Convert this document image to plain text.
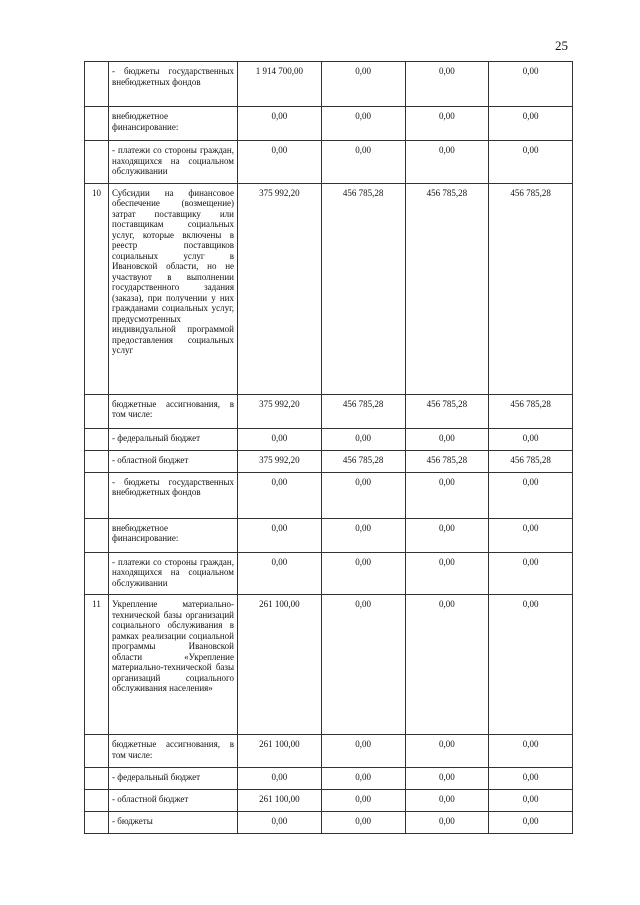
25
	- бюджеты государственных внебюджетных фондов	1 914 700,00	0,00	0,00	0,00
	внебюджетное финансирование:	0,00	0,00	0,00	0,00
	- платежи со стороны граждан, находящихся на социальном обслуживании	0,00	0,00	0,00	0,00
10	Субсидии на финансовое обеспечение (возмещение) затрат поставщику или поставщикам социальных услуг, которые включены в реестр поставщиков социальных услуг в Ивановской области, но не участвуют в выполнении государственного задания (заказа), при получении у них гражданами социальных услуг, предусмотренных индивидуальной программой предоставления социальных услуг	375 992,20	456 785,28	456 785,28	456 785,28
	бюджетные ассигнования, в том числе:	375 992,20	456 785,28	456 785,28	456 785,28
	- федеральный бюджет	0,00	0,00	0,00	0,00
	- областной бюджет	375 992,20	456 785,28	456 785,28	456 785,28
	- бюджеты государственных внебюджетных фондов	0,00	0,00	0,00	0,00
	внебюджетное финансирование:	0,00	0,00	0,00	0,00
	- платежи со стороны граждан, находящихся на социальном обслуживании	0,00	0,00	0,00	0,00
11	Укрепление материально-технической базы организаций социального обслуживания в рамках реализации социальной программы Ивановской области «Укрепление материально-технической базы организаций социального обслуживания населения»	261 100,00	0,00	0,00	0,00
	бюджетные ассигнования, в том числе:	261 100,00	0,00	0,00	0,00
	- федеральный бюджет	0,00	0,00	0,00	0,00
	- областной бюджет	261 100,00	0,00	0,00	0,00
	- бюджеты	0,00	0,00	0,00	0,00
